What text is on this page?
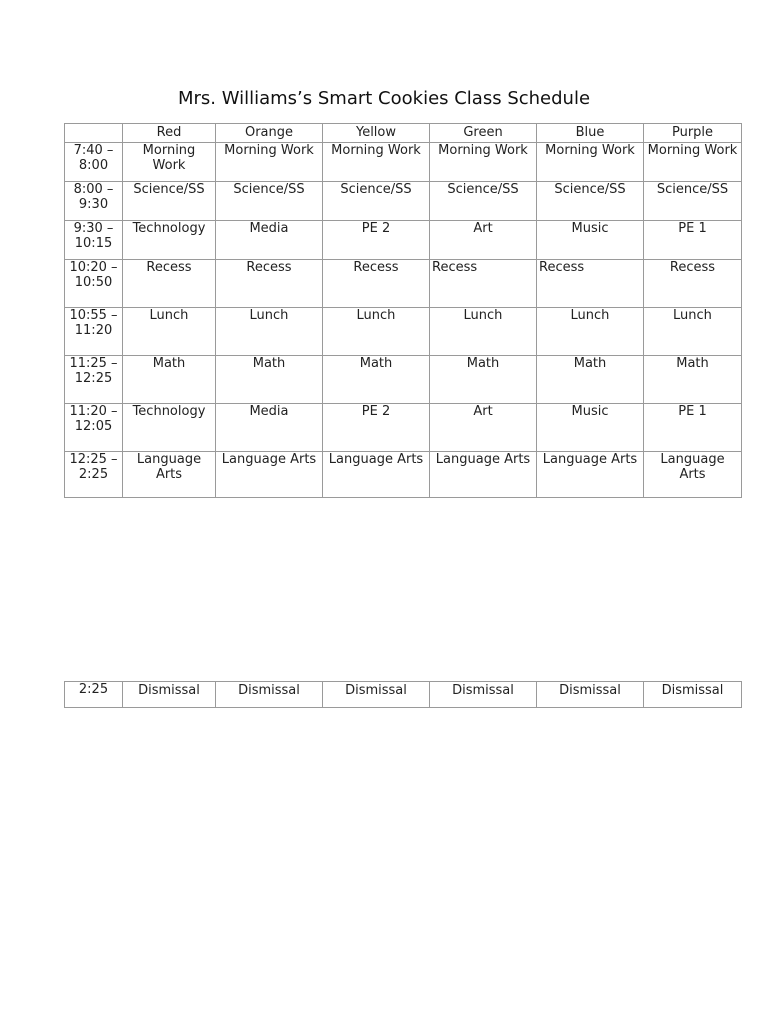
Mrs. Williams’s Smart Cookies Class Schedule
	Red	Orange	Yellow	Green	Blue	Purple
7:40 – 8:00	Morning Work	Morning Work	Morning Work	Morning Work	Morning Work	Morning Work
8:00 – 9:30	Science/SS	Science/SS	Science/SS	Science/SS	Science/SS	Science/SS
9:30 – 10:15	Technology	Media	PE 2	Art	Music	PE 1
10:20 – 10:50	Recess	Recess	Recess	Recess	Recess	Recess
10:55 – 11:20	Lunch	Lunch	Lunch	Lunch	Lunch	Lunch
11:25 – 12:25	Math	Math	Math	Math	Math	Math
11:20 – 12:05	Technology	Media	PE 2	Art	Music	PE 1
12:25 – 2:25	Language Arts	Language Arts	Language Arts	Language Arts	Language Arts	Language Arts
2:25	Dismissal	Dismissal	Dismissal	Dismissal	Dismissal	Dismissal
